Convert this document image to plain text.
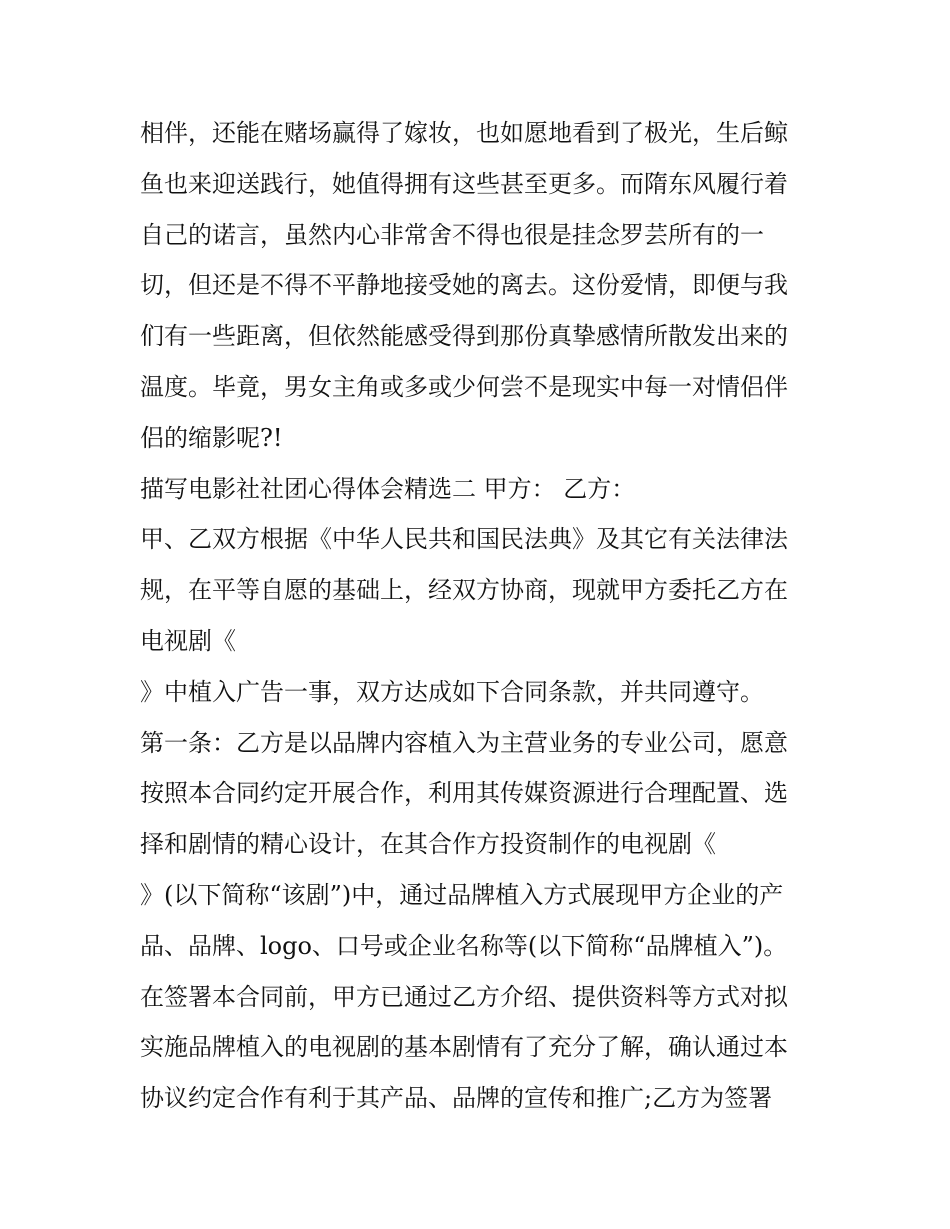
相伴，还能在赌场赢得了嫁妆，也如愿地看到了极光，生后鲸
鱼也来迎送践行，她值得拥有这些甚至更多。而隋东风履行着
自己的诺言，虽然内心非常舍不得也很是挂念罗芸所有的一
切，但还是不得不平静地接受她的离去。这份爱情，即便与我
们有一些距离，但依然能感受得到那份真挚感情所散发出来的
温度。毕竟，男女主角或多或少何尝不是现实中每一对情侣伴
侣的缩影呢?!
描写电影社社团心得体会精选二 甲方： 乙方：
甲、乙双方根据《中华人民共和国民法典》及其它有关法律法
规，在平等自愿的基础上，经双方协商，现就甲方委托乙方在
电视剧《
》中植入广告一事，双方达成如下合同条款，并共同遵守。
第一条：乙方是以品牌内容植入为主营业务的专业公司，愿意
按照本合同约定开展合作，利用其传媒资源进行合理配置、选
择和剧情的精心设计，在其合作方投资制作的电视剧《
》(以下简称“该剧”)中，通过品牌植入方式展现甲方企业的产
品、品牌、logo、口号或企业名称等(以下简称“品牌植入”)。
在签署本合同前，甲方已通过乙方介绍、提供资料等方式对拟
实施品牌植入的电视剧的基本剧情有了充分了解，确认通过本
协议约定合作有利于其产品、品牌的宣传和推广;乙方为签署
